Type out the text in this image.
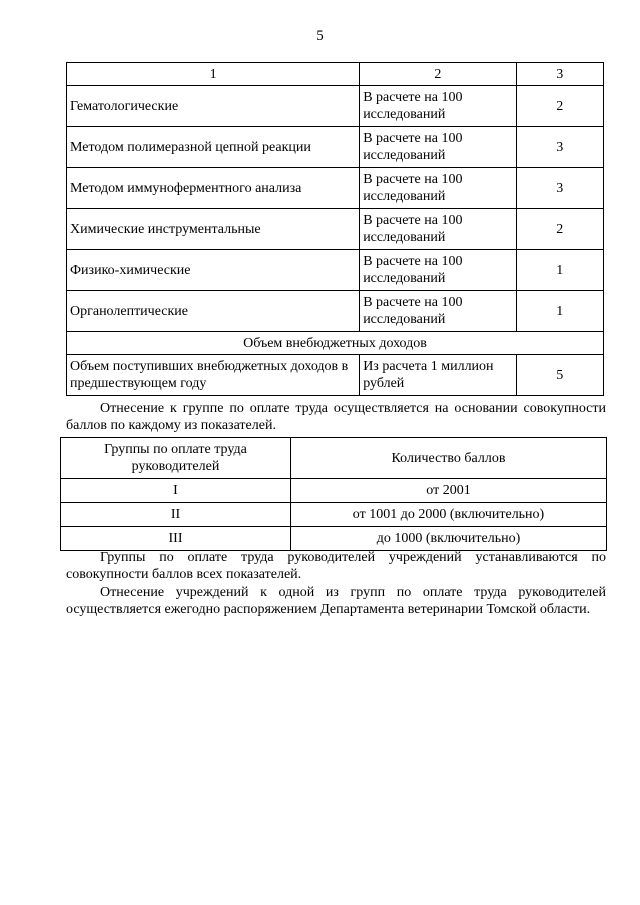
5
1	2	3
Гематологические	В расчете на 100 исследований	2
Методом полимеразной цепной реакции	В расчете на 100 исследований	3
Методом иммуноферментного анализа	В расчете на 100 исследований	3
Химические инструментальные	В расчете на 100 исследований	2
Физико-химические	В расчете на 100 исследований	1
Органолептические	В расчете на 100 исследований	1
Объем внебюджетных доходов		
Объем поступивших внебюджетных доходов в предшествующем году	Из расчета 1 миллион рублей	5
Отнесение к группе по оплате труда осуществляется на основании совокупности баллов по каждому из показателей.
Группы по оплате труда руководителей	Количество баллов
I	от 2001
II	от 1001 до 2000 (включительно)
III	до 1000 (включительно)
Группы по оплате труда руководителей учреждений устанавливаются по совокупности баллов всех показателей.
Отнесение учреждений к одной из групп по оплате труда руководителей осуществляется ежегодно распоряжением Департамента ветеринарии Томской области.
